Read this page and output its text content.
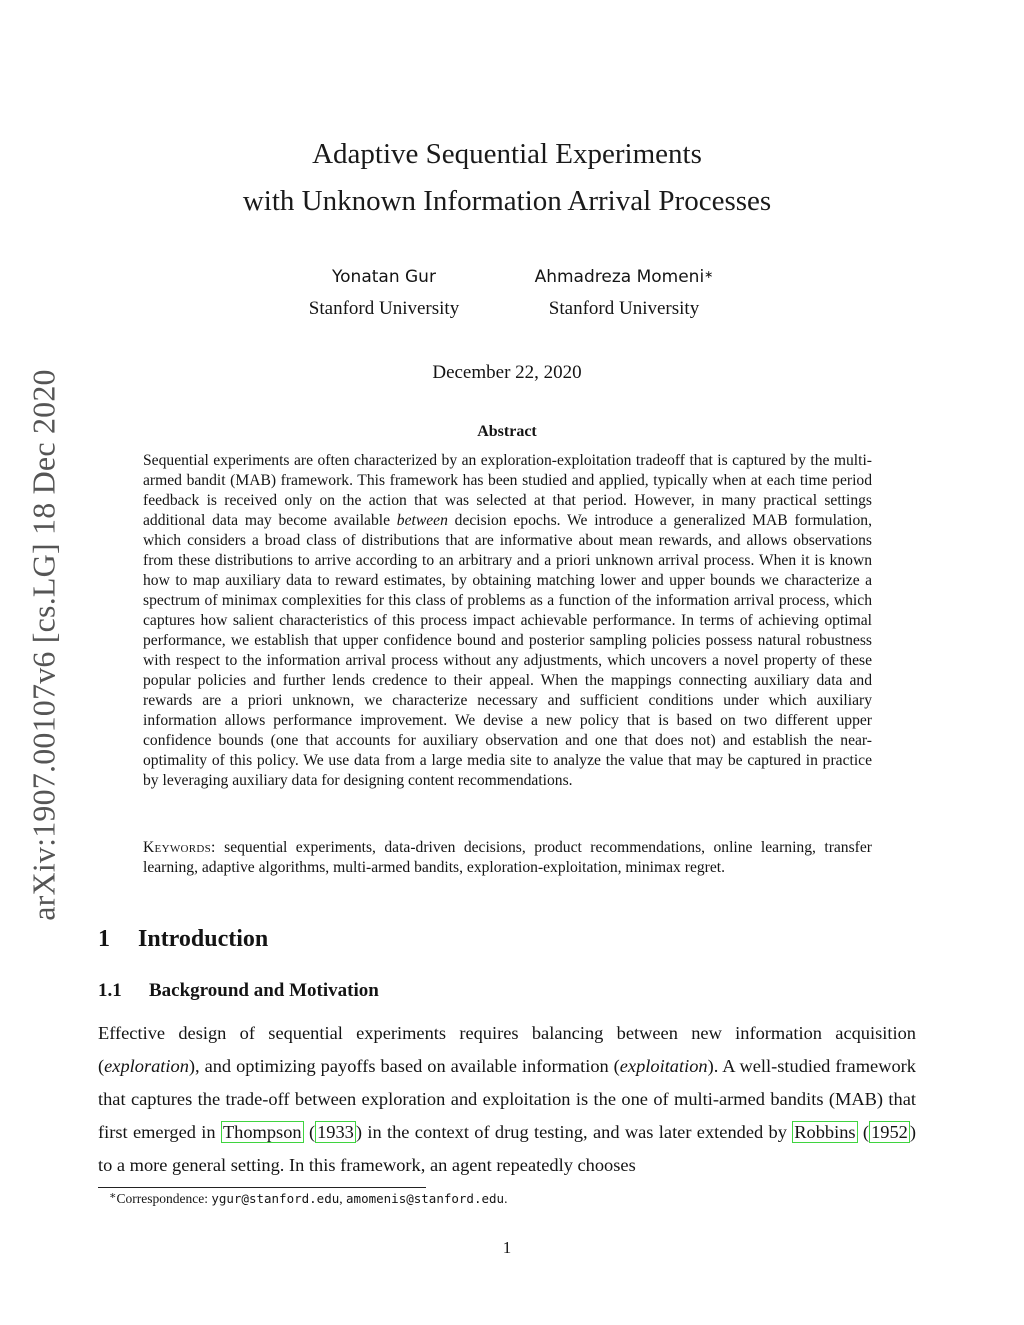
arXiv:1907.00107v6 [cs.LG] 18 Dec 2020
Adaptive Sequential Experiments
with Unknown Information Arrival Processes
Yonatan Gur
Stanford University
Ahmadreza Momeni∗
Stanford University
December 22, 2020
Abstract
Sequential experiments are often characterized by an exploration-exploitation tradeoff that is captured by the multi-armed bandit (MAB) framework. This framework has been studied and applied, typically when at each time period feedback is received only on the action that was selected at that period. However, in many practical settings additional data may become available between decision epochs. We introduce a generalized MAB formulation, which considers a broad class of distributions that are informative about mean rewards, and allows observations from these distributions to arrive according to an arbitrary and a priori unknown arrival process. When it is known how to map auxiliary data to reward estimates, by obtaining matching lower and upper bounds we characterize a spectrum of minimax complexities for this class of problems as a function of the information arrival process, which captures how salient characteristics of this process impact achievable performance. In terms of achieving optimal performance, we establish that upper confidence bound and posterior sampling policies possess natural robustness with respect to the information arrival process without any adjustments, which uncovers a novel property of these popular policies and further lends credence to their appeal. When the mappings connecting auxiliary data and rewards are a priori unknown, we characterize necessary and sufficient conditions under which auxiliary information allows performance improvement. We devise a new policy that is based on two different upper confidence bounds (one that accounts for auxiliary observation and one that does not) and establish the near-optimality of this policy. We use data from a large media site to analyze the value that may be captured in practice by leveraging auxiliary data for designing content recommendations.
Keywords: sequential experiments, data-driven decisions, product recommendations, online learning, transfer learning, adaptive algorithms, multi-armed bandits, exploration-exploitation, minimax regret.
1 Introduction
1.1 Background and Motivation
Effective design of sequential experiments requires balancing between new information acquisition (exploration), and optimizing payoffs based on available information (exploitation). A well-studied framework that captures the trade-off between exploration and exploitation is the one of multi-armed bandits (MAB) that first emerged in Thompson ( 1933 ) in the context of drug testing, and was later extended by Robbins ( 1952 ) to a more general setting. In this framework, an agent repeatedly chooses
∗Correspondence: ygur@stanford.edu, amomenis@stanford.edu.
1
